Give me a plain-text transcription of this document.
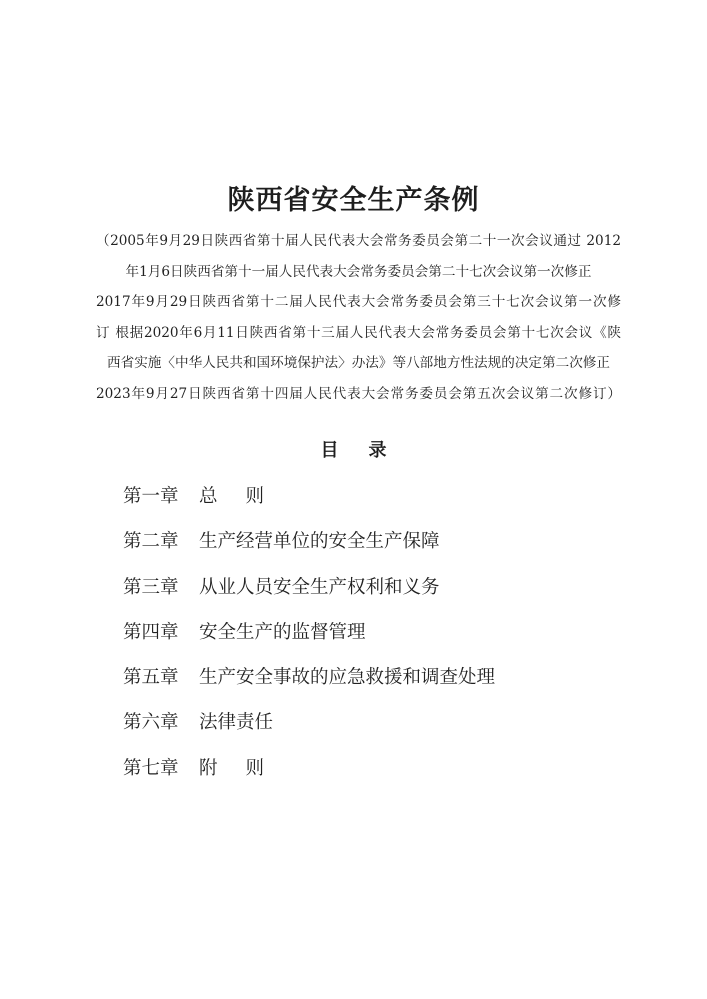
陕西省安全生产条例
（2005年9月29日陕西省第十届人民代表大会常务委员会第二十一次会议通过 2012
年1月6日陕西省第十一届人民代表大会常务委员会第二十七次会议第一次修正
2017年9月29日陕西省第十二届人民代表大会常务委员会第三十七次会议第一次修
订 根据2020年6月11日陕西省第十三届人民代表大会常务委员会第十七次会议《陕
西省实施〈中华人民共和国环境保护法〉办法》等八部地方性法规的决定第二次修正
2023年9月27日陕西省第十四届人民代表大会常务委员会第五次会议第二次修订）
目 录
第一章 总 则
第二章 生产经营单位的安全生产保障
第三章 从业人员安全生产权利和义务
第四章 安全生产的监督管理
第五章 生产安全事故的应急救援和调查处理
第六章 法律责任
第七章 附 则
